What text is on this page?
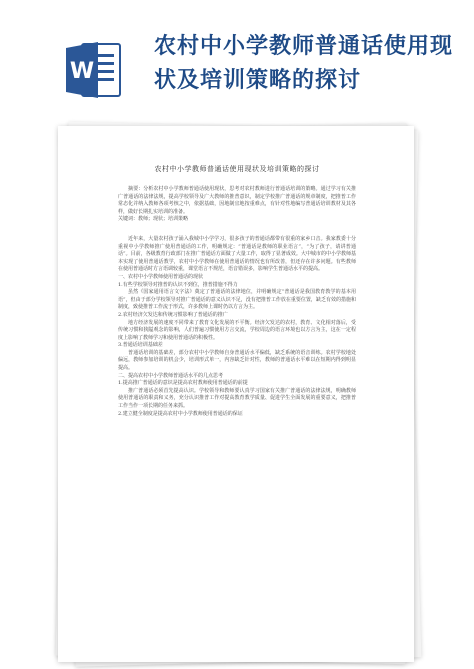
W
农村中小学教师普通话使用现状及培训策略的探讨
农村中小学教师普通话使用现状及培训策略的探讨

摘要：分析农村中小学教师普通话使用现状，思考对农村教师进行普通话培训的策略。通过学习有关推广普通话的法律法规，提高学校领导及广大教师的推普意识，制定学校推广普通话的规章制度，把推普工作常态化并纳入教师各项考核之中，依据基础，因地制宜地按重难点，有针对性地编写普通话培训教材及其各样，做好长期扎实培训的准备。

关键词：教师；现状；培训策略

近年来，大量农村孩子涌入我城中小学学习，很多孩子的普通话都带有很重的家乡口音。我家教委十分重视中小学教师推广使用普通话的工作，明确规定：“普通话是教师的职业语言”，“为了孩子，请讲普通话”。目前，各级教育行政部门在推广普通话方面做了大量工作，取得了显著成效。大中城市的中小学教师基本实现了使用普通话教学，农村中小学教师在使用普通话的情况也有所改善，但还存在许多问题。有些教师在使用普通话时方言语调较重，课堂语言不规范，语音错误多，影响学生普通话水平的提高。

一、农村中小学教师使用普通话的现状

1.有些学校领导对推普的认识不到位，推普措施不得力

虽然《国家通用语言文字法》奠定了普通话的法律地位，并明确规定“普通话是我国教育教学的基本用语”，但由于部分学校领导对推广普通话的意义认识不足，没有把推普工作放在重要位置，缺乏有效的措施和制度，致使推普工作流于形式，许多教师上课时仍以方言为主。

2.农村经济欠发达和传统习惯影响了普通话的推广

地方经济发展的速度不同带来了教育文化发展的不平衡。经济欠发达的农村，教育、文化相对落后，受传统习惯和狭隘观念的影响，人们普遍习惯使用方言交流，学校周边的语言环境也以方言为主，这在一定程度上影响了教师学习和使用普通话的积极性。

3.普通话培训基础差

普通话培训的基础差，部分农村中小学教师自身普通话水平偏低，缺乏系统的语音训练。农村学校地处偏远，教师参加培训的机会少，培训形式单一，内容缺乏针对性，教师的普通话水平难以在短期内得到明显提高。

二、提高农村中小学教师普通话水平的几点思考

1.提高推广普通话的意识是提高农村教师使用普通话的前提

推广普通话必须首先提高认识。学校领导和教师要认真学习国家有关推广普通话的法律法规，明确教师使用普通话的职责和义务，充分认识推普工作对提高教育教学质量、促进学生全面发展的重要意义，把推普工作当作一项长期的任务来抓。

2.建立健全制度是提高农村中小学教师使用普通话的保证
